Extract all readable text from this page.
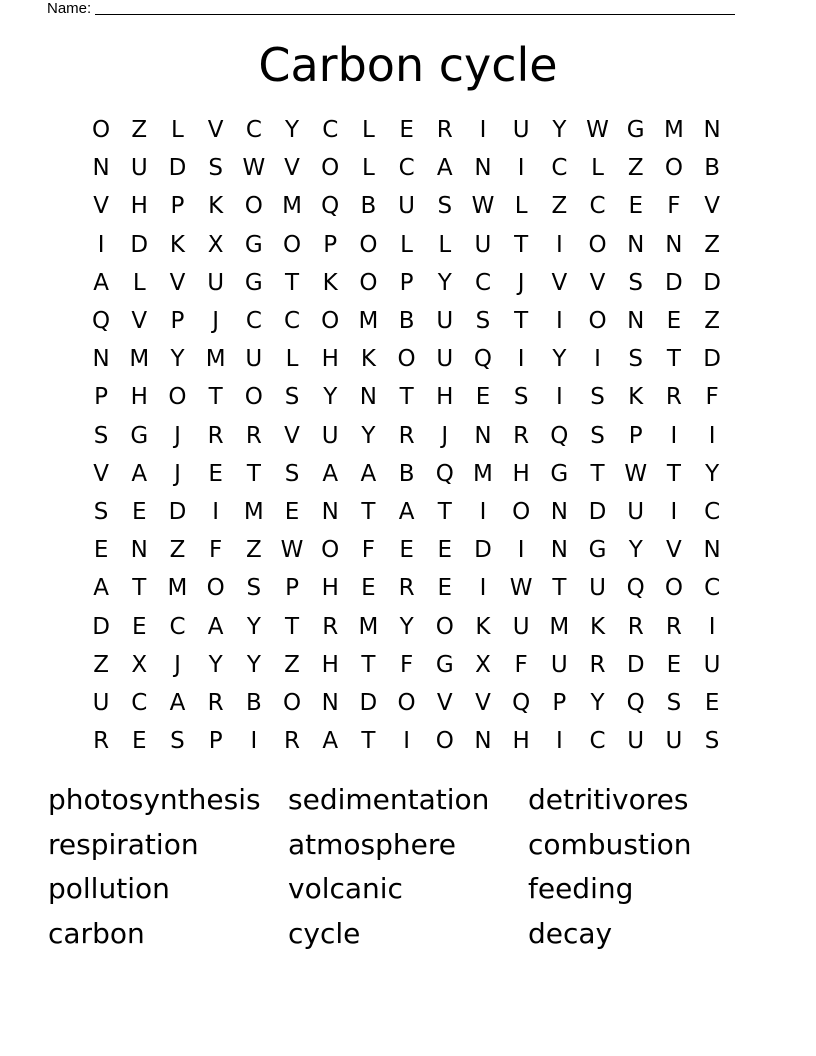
Name:
Carbon cycle
O Z	L	V C	Y	C	L	E R	I	U Y W G M N
N U D S W V O L	C A N	I	C	L	Z O B
V H P	K O M Q B U S W L	Z C E	F	V
I	D K X G O P O L	L	U T	I	O N N Z
A	L	V U G T	K O P	Y	C	J	V V	S D D
Q V	P	J	C C O M B U S	T	I	O N E	Z
N M Y M U	L	H K O U Q	I	Y	I	S	T D
P H O T O S	Y N T H E	S	I	S	K R	F
S G	J	R R V U Y	R	J	N R Q S	P	I	I
V A	J	E	T	S	A A B Q M H G T W T	Y
S	E D	I	M E N T	A	T	I	O N D U	I	C
E N Z	F	Z W O F	E	E D	I	N G Y	V N
A	T M O S	P H E R E	I	W T U Q O C
D E C A	Y	T	R M Y O K U M K R R	I
Z X	J	Y	Y	Z H T	F G X	F	U R D E U
U C A R B O N D O V V Q P	Y Q S	E
R E	S	P	I	R A	T	I	O N H	I	C U U S
photosynthesis sedimentation	detritivores
respiration	atmosphere	combustion
pollution	volcanic	feeding
carbon	cycle	decay
